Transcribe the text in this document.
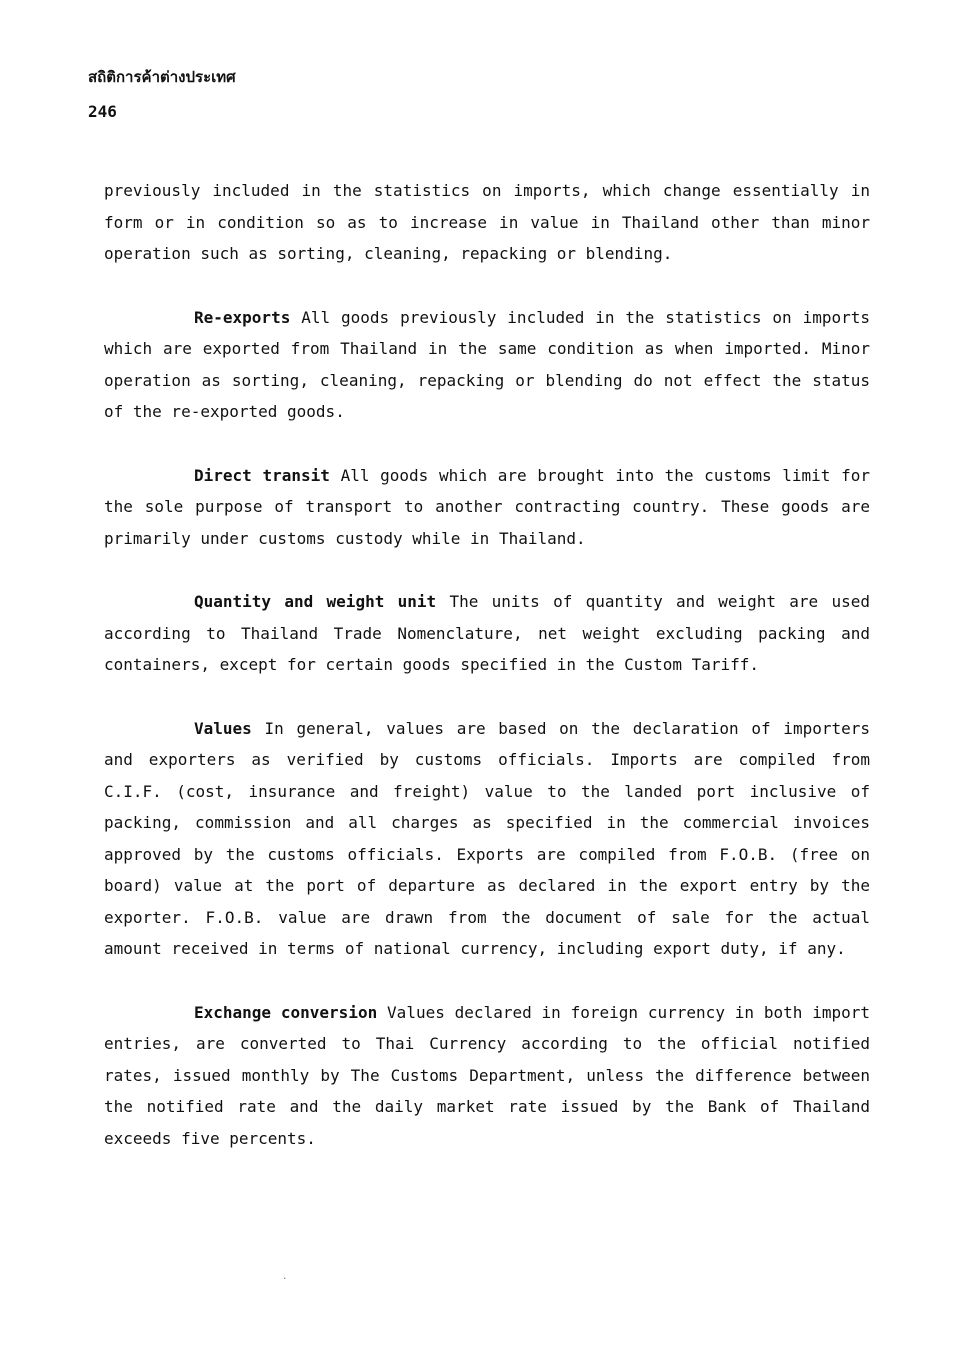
สถิติการค้าต่างประเทศ
246

previously included in the statistics on imports, which change essentially in form or in condition so as to increase in value in Thailand other than minor operation such as sorting, cleaning, repacking or blending.

Re-exports All goods previously included in the statistics on imports which are exported from Thailand in the same condition as when imported. Minor operation as sorting, cleaning, repacking or blending do not effect the status of the re-exported goods.

Direct transit All goods which are brought into the customs limit for the sole purpose of transport to another contracting country. These goods are primarily under customs custody while in Thailand.

Quantity and weight unit The units of quantity and weight are used according to Thailand Trade Nomenclature, net weight excluding packing and containers, except for certain goods specified in the Custom Tariff.

Values In general, values are based on the declaration of importers and exporters as verified by customs officials. Imports are compiled from C.I.F. (cost, insurance and freight) value to the landed port inclusive of packing, commission and all charges as specified in the commercial invoices approved by the customs officials. Exports are compiled from F.O.B. (free on board) value at the port of departure as declared in the export entry by the exporter. F.O.B. value are drawn from the document of sale for the actual amount received in terms of national currency, including export duty, if any.

Exchange conversion Values declared in foreign currency in both import entries, are converted to Thai Currency according to the official notified rates, issued monthly by The Customs Department, unless the difference between the notified rate and the daily market rate issued by the Bank of Thailand exceeds five percents.

.
